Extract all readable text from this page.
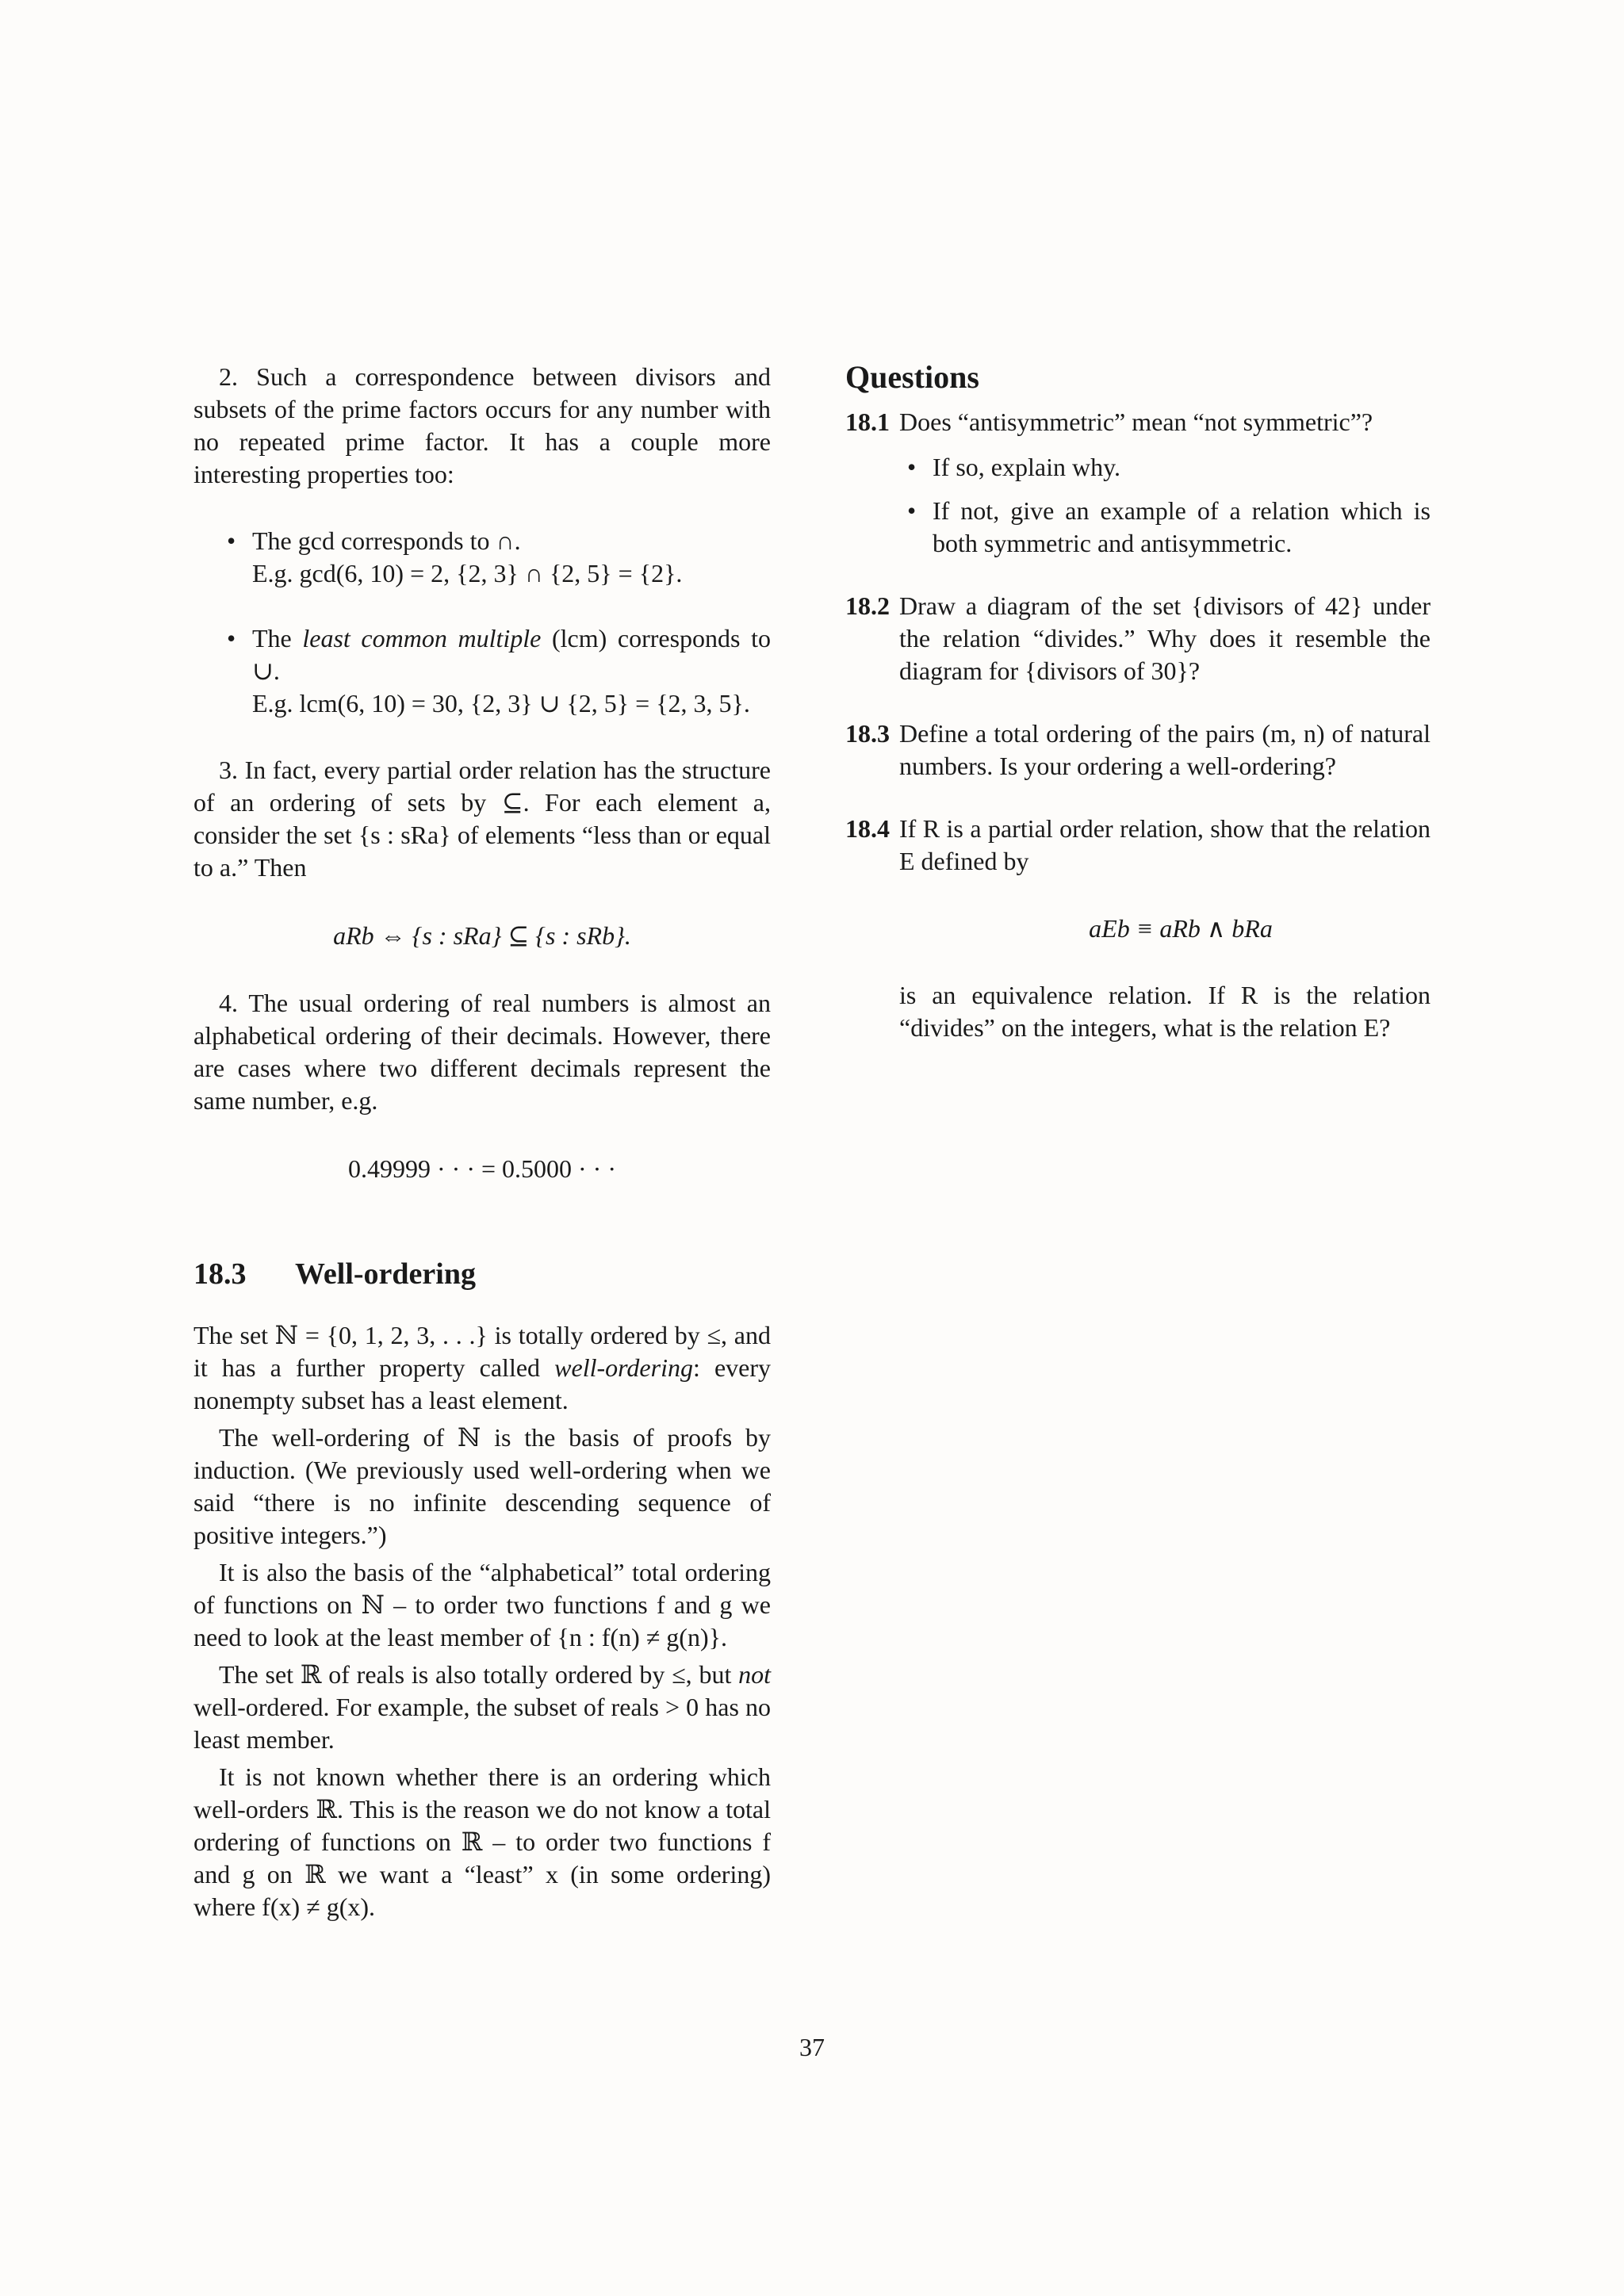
2. Such a correspondence between divisors and subsets of the prime factors occurs for any number with no repeated prime factor. It has a couple more interesting properties too:

• The gcd corresponds to ∩.
E.g. gcd(6, 10) = 2, {2, 3} ∩ {2, 5} = {2}.
• The least common multiple (lcm) corresponds to ∪.
E.g. lcm(6, 10) = 30, {2, 3} ∪ {2, 5} = {2, 3, 5}.

3. In fact, every partial order relation has the structure of an ordering of sets by ⊆. For each element a, consider the set {s : sRa} of elements “less than or equal to a.” Then

aRb ⇔ {s : sRa} ⊆ {s : sRb}.

4. The usual ordering of real numbers is almost an alphabetical ordering of their decimals. However, there are cases where two different decimals represent the same number, e.g.

0.49999 · · · = 0.5000 · · ·

18.3 Well-ordering

The set ℕ = {0, 1, 2, 3, . . .} is totally ordered by ≤, and it has a further property called well-ordering: every nonempty subset has a least element.

The well-ordering of ℕ is the basis of proofs by induction. (We previously used well-ordering when we said “there is no infinite descending sequence of positive integers.”)

It is also the basis of the “alphabetical” total ordering of functions on ℕ – to order two functions f and g we need to look at the least member of {n : f(n) ≠ g(n)}.

The set ℝ of reals is also totally ordered by ≤, but not well-ordered. For example, the subset of reals > 0 has no least member.

It is not known whether there is an ordering which well-orders ℝ. This is the reason we do not know a total ordering of functions on ℝ – to order two functions f and g on ℝ we want a “least” x (in some ordering) where f(x) ≠ g(x).

Questions
18.1 Does “antisymmetric” mean “not symmetric”?
• If so, explain why.
• If not, give an example of a relation which is both symmetric and antisymmetric.
18.2 Draw a diagram of the set {divisors of 42} under the relation “divides.” Why does it resemble the diagram for {divisors of 30}?
18.3 Define a total ordering of the pairs (m, n) of natural numbers. Is your ordering a well-ordering?
18.4 If R is a partial order relation, show that the relation E defined by

aEb ≡ aRb ∧ bRa

is an equivalence relation. If R is the relation “divides” on the integers, what is the relation E?
37
